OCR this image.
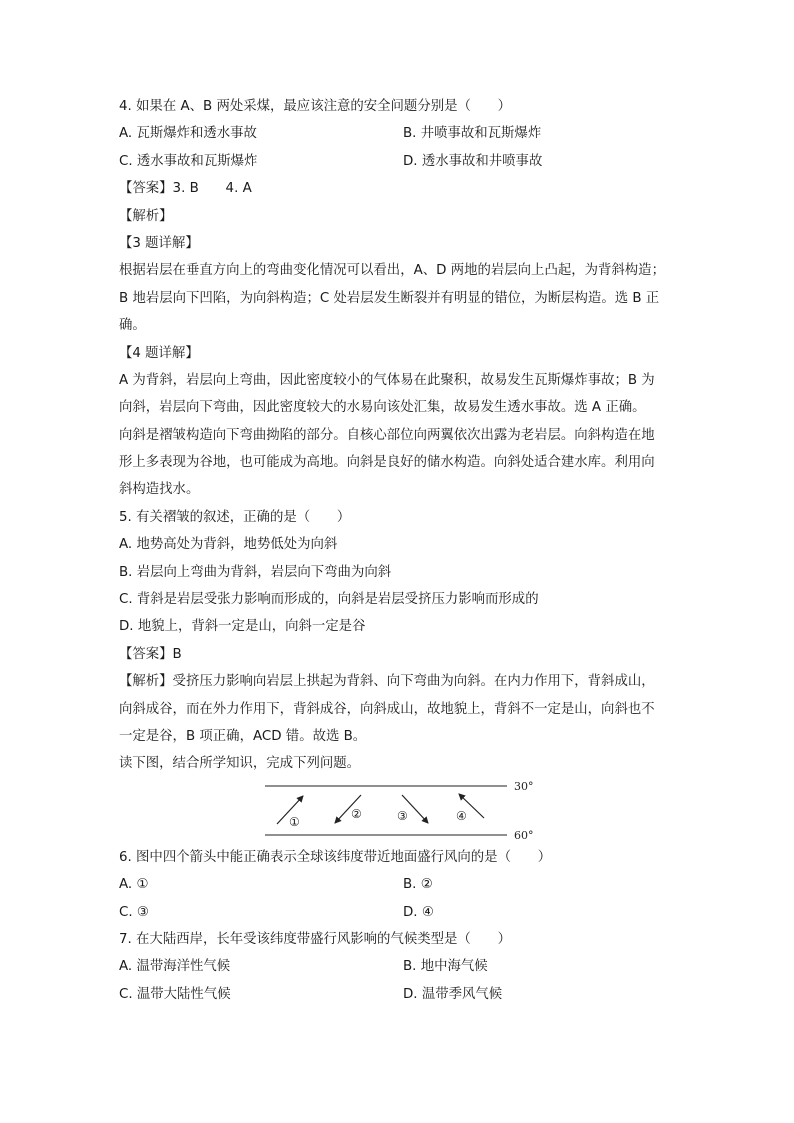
4. 如果在 A、B 两处采煤，最应该注意的安全问题分别是（　　）
A. 瓦斯爆炸和透水事故	B. 井喷事故和瓦斯爆炸
C. 透水事故和瓦斯爆炸	D. 透水事故和井喷事故
【答案】3. B　　4. A
【解析】
【3 题详解】
根据岩层在垂直方向上的弯曲变化情况可以看出，A、D 两地的岩层向上凸起，为背斜构造；
B 地岩层向下凹陷，为向斜构造；C 处岩层发生断裂并有明显的错位，为断层构造。选 B 正
确。
【4 题详解】
A 为背斜，岩层向上弯曲，因此密度较小的气体易在此聚积，故易发生瓦斯爆炸事故；B 为
向斜，岩层向下弯曲，因此密度较大的水易向该处汇集，故易发生透水事故。选 A 正确。
向斜是褶皱构造向下弯曲拗陷的部分。自核心部位向两翼依次出露为老岩层。向斜构造在地
形上多表现为谷地，也可能成为高地。向斜是良好的储水构造。向斜处适合建水库。利用向
斜构造找水。
5. 有关褶皱的叙述，正确的是（　　）
A. 地势高处为背斜，地势低处为向斜
B. 岩层向上弯曲为背斜，岩层向下弯曲为向斜
C. 背斜是岩层受张力影响而形成的，向斜是岩层受挤压力影响而形成的
D. 地貌上，背斜一定是山，向斜一定是谷
【答案】B
【解析】受挤压力影响向岩层上拱起为背斜、向下弯曲为向斜。在内力作用下，背斜成山，
向斜成谷，而在外力作用下，背斜成谷，向斜成山，故地貌上，背斜不一定是山，向斜也不
一定是谷，B 项正确，ACD 错。故选 B。
读下图，结合所学知识，完成下列问题。
30°
60°
①
②	③	④
6. 图中四个箭头中能正确表示全球该纬度带近地面盛行风向的是（　　）
A. ①	B. ②
C. ③	D. ④
7. 在大陆西岸，长年受该纬度带盛行风影响的气候类型是（　　）
A. 温带海洋性气候	B. 地中海气候
C. 温带大陆性气候	D. 温带季风气候
